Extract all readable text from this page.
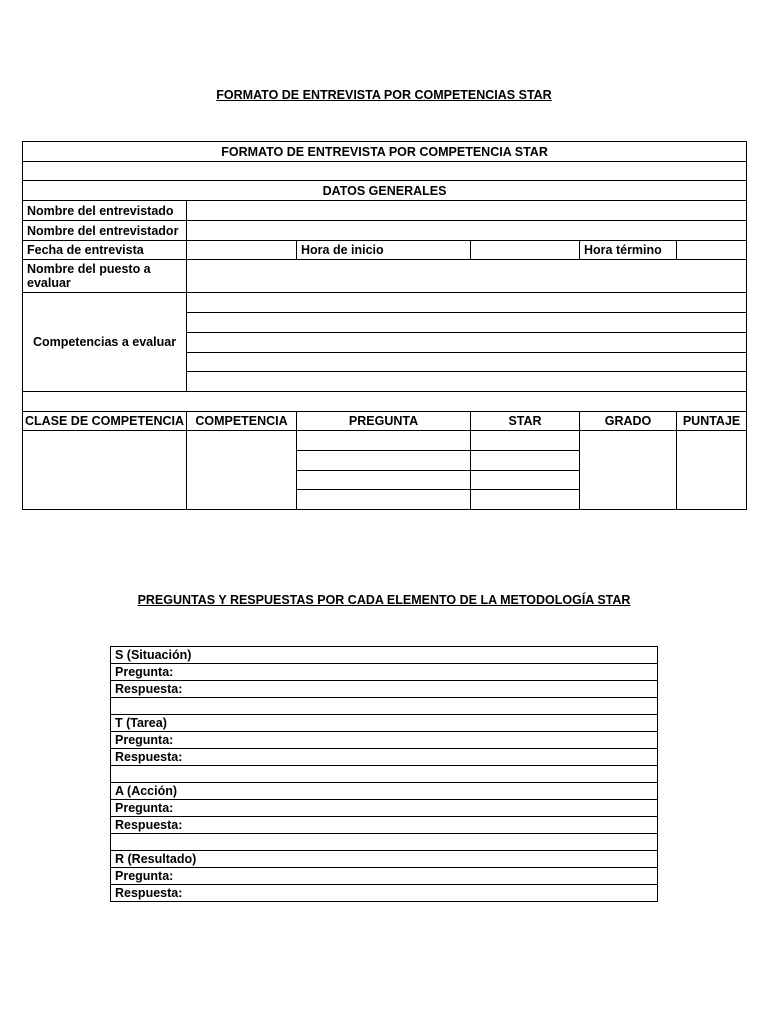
FORMATO DE ENTREVISTA POR COMPETENCIAS STAR
FORMATO DE ENTREVISTA POR COMPETENCIA STAR					

DATOS GENERALES					
Nombre del entrevistado					
Nombre del entrevistador					
Fecha de entrevista		Hora de inicio		Hora término	
Nombre del puesto a evaluar					
Competencias a evaluar					

CLASE DE COMPETENCIA	COMPETENCIA	PREGUNTA	STAR	GRADO	PUNTAJE

PREGUNTAS Y RESPUESTAS POR CADA ELEMENTO DE LA METODOLOGÍA STAR
S (Situación)
Pregunta:
Respuesta:

T (Tarea)
Pregunta:
Respuesta:

A (Acción)
Pregunta:
Respuesta:

R (Resultado)
Pregunta:
Respuesta:
